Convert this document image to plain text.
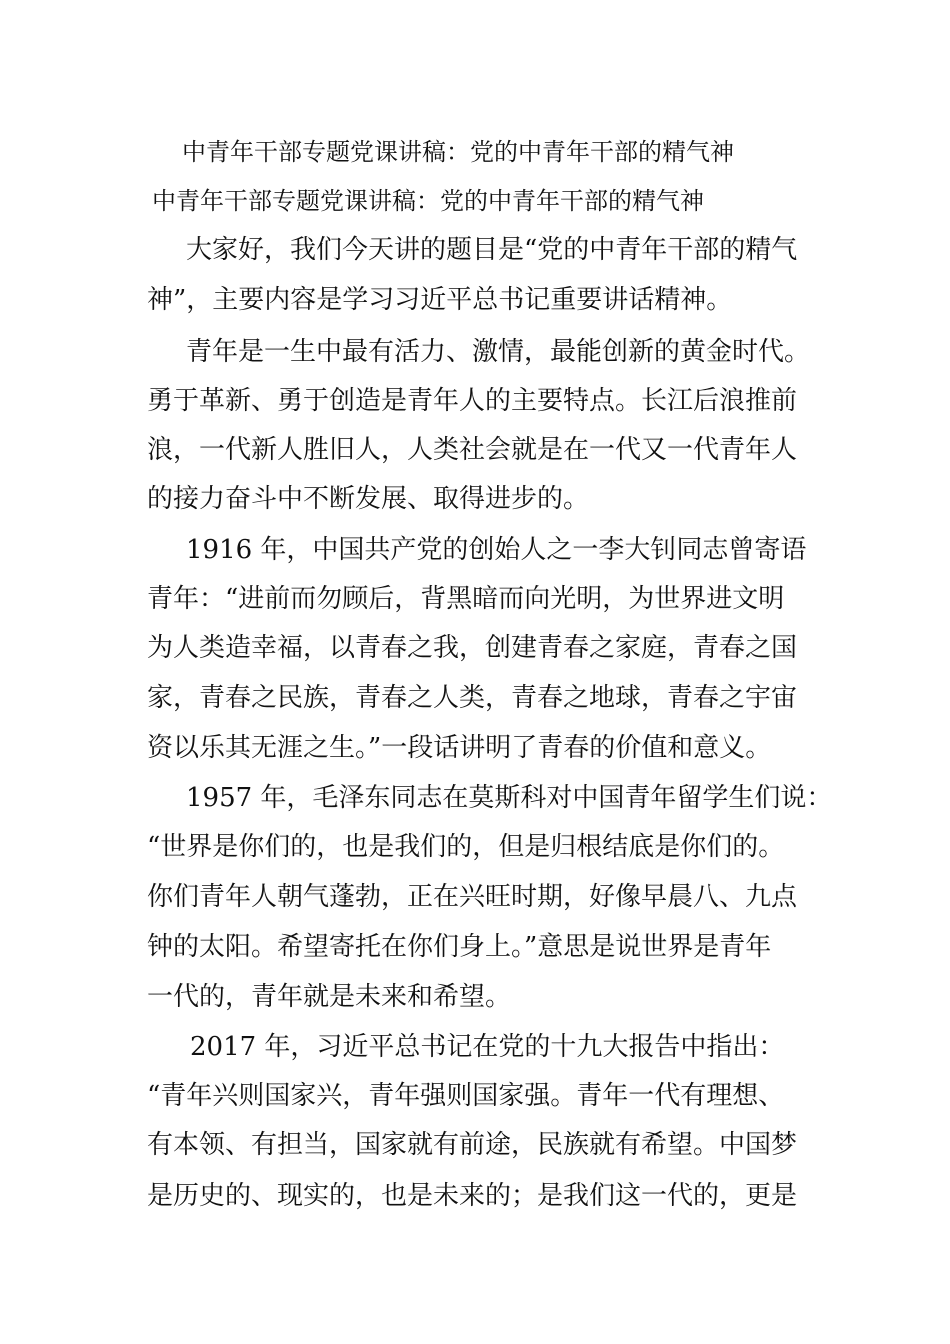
中青年干部专题党课讲稿：党的中青年干部的精气神
中青年干部专题党课讲稿：党的中青年干部的精气神
大家好，我们今天讲的题目是“党的中青年干部的精气
神”，主要内容是学习习近平总书记重要讲话精神。
青年是一生中最有活力、激情，最能创新的黄金时代。
勇于革新、勇于创造是青年人的主要特点。长江后浪推前
浪，一代新人胜旧人，人类社会就是在一代又一代青年人
的接力奋斗中不断发展、取得进步的。
1916 年，中国共产党的创始人之一李大钊同志曾寄语
青年：“进前而勿顾后，背黑暗而向光明，为世界进文明
为人类造幸福，以青春之我，创建青春之家庭，青春之国
家，青春之民族，青春之人类，青春之地球，青春之宇宙
资以乐其无涯之生。”一段话讲明了青春的价值和意义。
1957 年，毛泽东同志在莫斯科对中国青年留学生们说：
“世界是你们的，也是我们的，但是归根结底是你们的。
你们青年人朝气蓬勃，正在兴旺时期，好像早晨八、九点
钟的太阳。希望寄托在你们身上。”意思是说世界是青年
一代的，青年就是未来和希望。
2017 年，习近平总书记在党的十九大报告中指出：
“青年兴则国家兴，青年强则国家强。青年一代有理想、
有本领、有担当，国家就有前途，民族就有希望。中国梦
是历史的、现实的，也是未来的；是我们这一代的，更是
